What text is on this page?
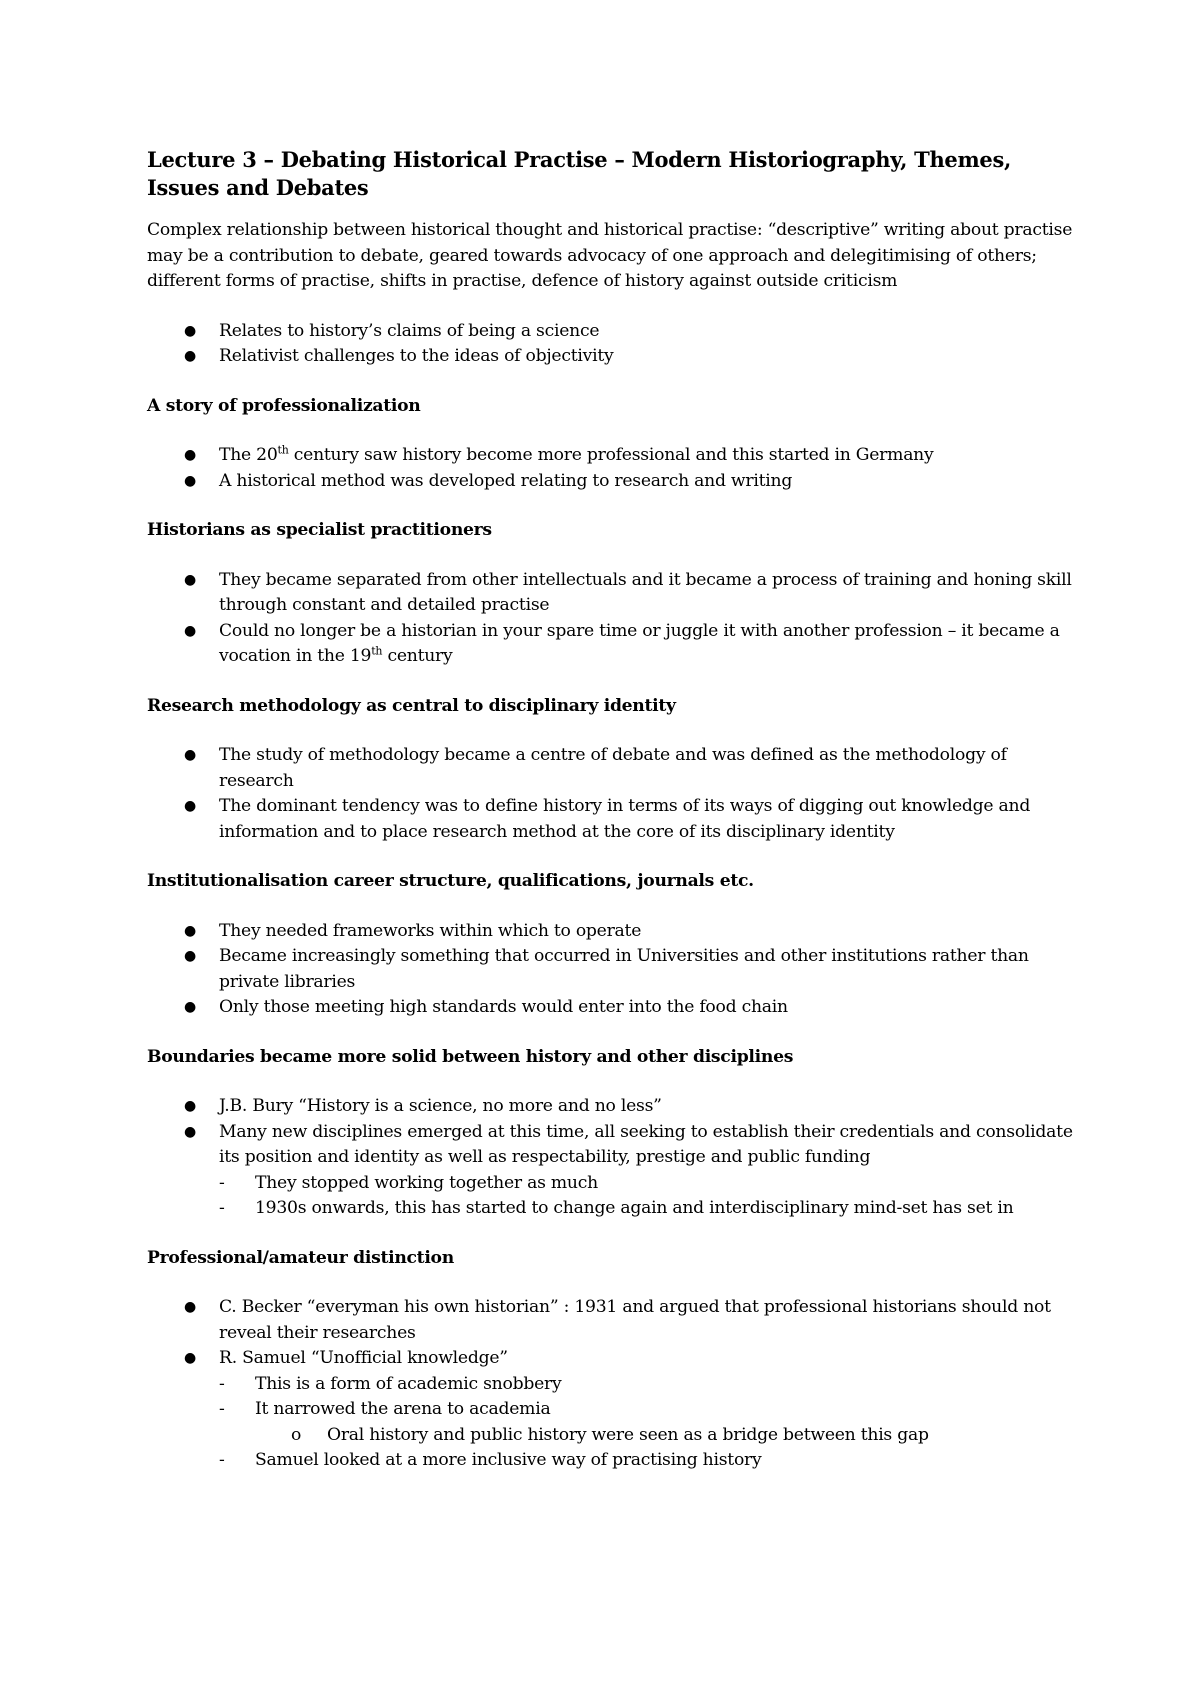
Lecture 3 – Debating Historical Practise – Modern Historiography, Themes, Issues and Debates

Complex relationship between historical thought and historical practise: “descriptive” writing about practise may be a contribution to debate, geared towards advocacy of one approach and delegitimising of others; different forms of practise, shifts in practise, defence of history against outside criticism

● Relates to history’s claims of being a science
● Relativist challenges to the ideas of objectivity
A story of professionalization
● The 20th century saw history become more professional and this started in Germany
● A historical method was developed relating to research and writing
Historians as specialist practitioners
● They became separated from other intellectuals and it became a process of training and honing skill through constant and detailed practise
● Could no longer be a historian in your spare time or juggle it with another profession – it became a vocation in the 19th century
Research methodology as central to disciplinary identity
● The study of methodology became a centre of debate and was defined as the methodology of research
● The dominant tendency was to define history in terms of its ways of digging out knowledge and information and to place research method at the core of its disciplinary identity
Institutionalisation career structure, qualifications, journals etc.
● They needed frameworks within which to operate
● Became increasingly something that occurred in Universities and other institutions rather than private libraries
● Only those meeting high standards would enter into the food chain
Boundaries became more solid between history and other disciplines
● J.B. Bury “History is a science, no more and no less”
● Many new disciplines emerged at this time, all seeking to establish their credentials and consolidate its position and identity as well as respectability, prestige and public funding
- They stopped working together as much
- 1930s onwards, this has started to change again and interdisciplinary mind-set has set in
Professional/amateur distinction
● C. Becker “everyman his own historian” : 1931 and argued that professional historians should not reveal their researches
● R. Samuel “Unofficial knowledge”
- This is a form of academic snobbery
- It narrowed the arena to academia
o Oral history and public history were seen as a bridge between this gap
- Samuel looked at a more inclusive way of practising history
